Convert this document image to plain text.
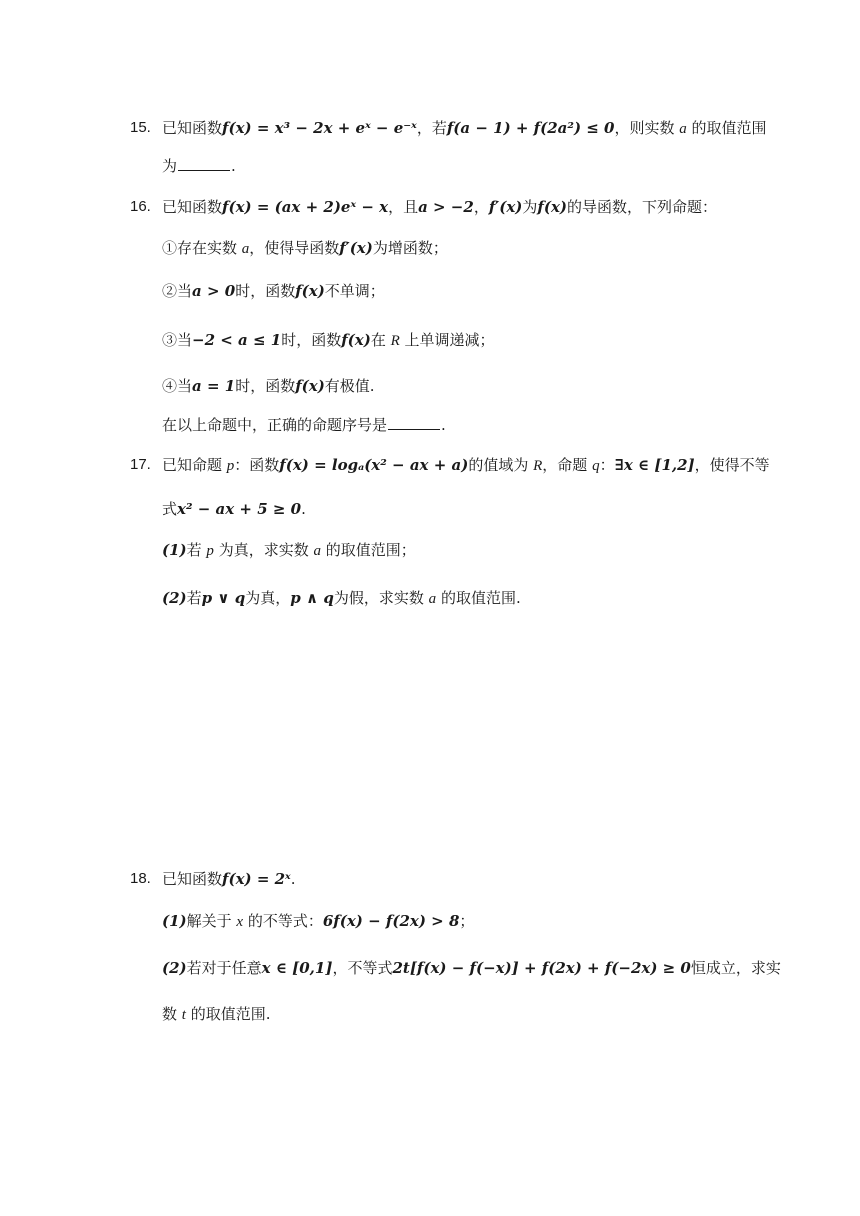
15. 已知函数f(x) = x³ − 2x + eˣ − e⁻ˣ，若f(a − 1) + f(2a²) ≤ 0，则实数 a 的取值范围
为	.
16. 已知函数f(x) = (ax + 2)eˣ − x，且a > −2，f′(x)为f(x)的导函数，下列命题：
①存在实数 a，使得导函数f′(x)为增函数；
②当a > 0时，函数f(x)不单调；
③当−2 < a ≤ 1时，函数f(x)在 R 上单调递减；
④当a = 1时，函数f(x)有极值.
在以上命题中，正确的命题序号是	.
17. 已知命题 p：函数f(x) = logₐ(x² − ax + a)的值域为 R，命题 q：∃x ∈ [1,2]，使得不等
式x² − ax + 5 ≥ 0.
(1)若 p 为真，求实数 a 的取值范围；
(2)若p ∨ q为真，p ∧ q为假，求实数 a 的取值范围.
18. 已知函数f(x) = 2ˣ.
(1)解关于 x 的不等式：6f(x) − f(2x) > 8；
(2)若对于任意x ∈ [0,1]，不等式2t[f(x) − f(−x)] + f(2x) + f(−2x) ≥ 0恒成立，求实
数 t 的取值范围.
